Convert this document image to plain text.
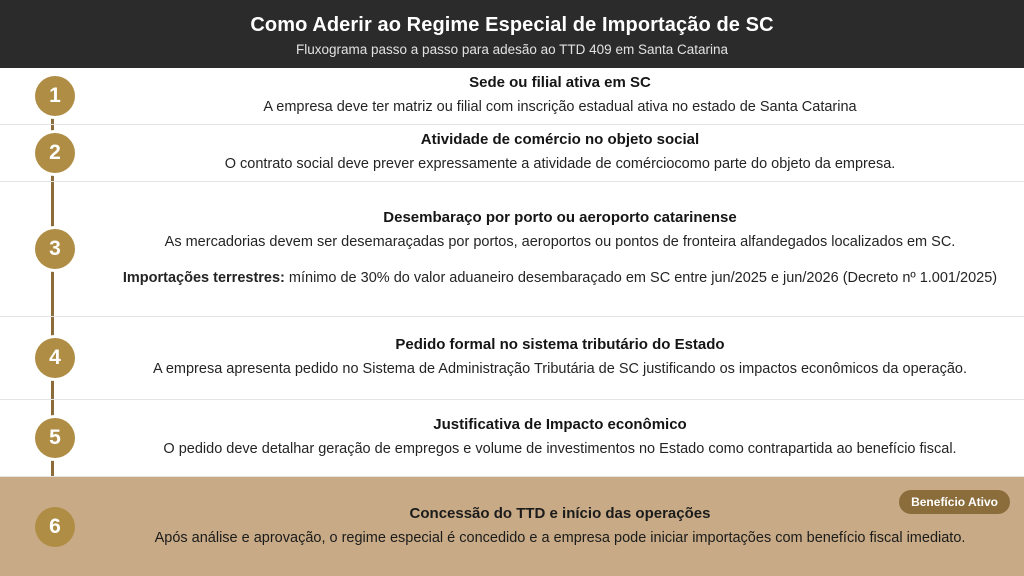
Como Aderir ao Regime Especial de Importação de SC
Fluxograma passo a passo para adesão ao TTD 409 em Santa Catarina
1
Sede ou filial ativa em SC
A empresa deve ter matriz ou filial com inscrição estadual ativa no estado de Santa Catarina
2
Atividade de comércio no objeto social
O contrato social deve prever expressamente a atividade de comérciocomo parte do objeto da empresa.
3
Desembaraço por porto ou aeroporto catarinense
As mercadorias devem ser desemaraçadas por portos, aeroportos ou pontos de fronteira alfandegados localizados em SC.
Importações terrestres: mínimo de 30% do valor aduaneiro desembaraçado em SC entre jun/2025 e jun/2026 (Decreto nº 1.001/2025)
4
Pedido formal no sistema tributário do Estado
A empresa apresenta pedido no Sistema de Administração Tributária de SC justificando os impactos econômicos da operação.
5
Justificativa de Impacto econômico
O pedido deve detalhar geração de empregos e volume de investimentos no Estado como contrapartida ao benefício fiscal.
6
Concessão do TTD e início das operações
Após análise e aprovação, o regime especial é concedido e a empresa pode iniciar importações com benefício fiscal imediato.
Benefício Ativo
